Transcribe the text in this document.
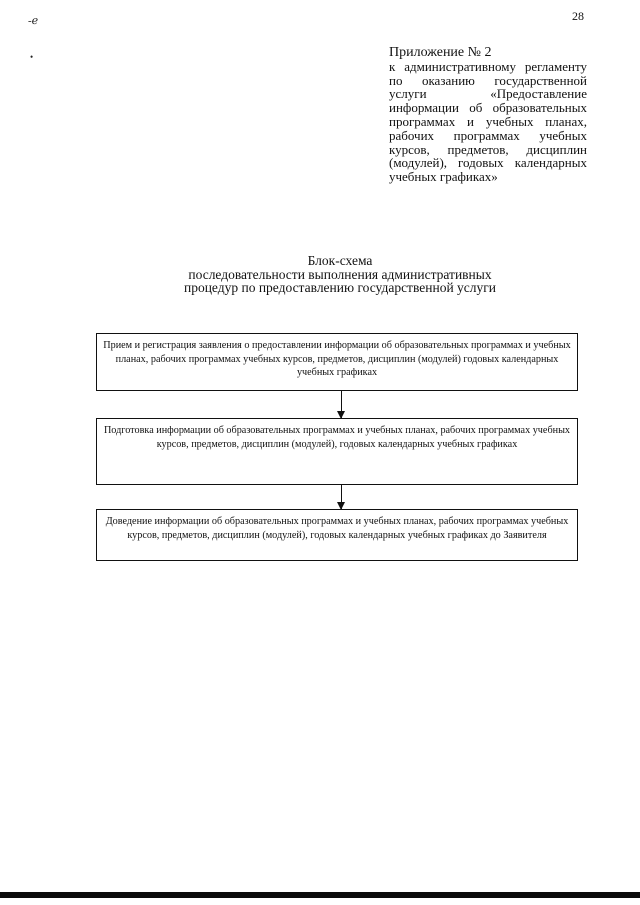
28
-ℯ
•	Приложение № 2
к административному регламенту по оказанию государственной услуги «Предоставление информации об образовательных программах и учебных планах, рабочих программах учебных курсов, предметов, дисциплин (модулей), годовых календарных учебных графиках»
Блок-схема
последовательности выполнения административных
процедур по предоставлению государственной услуги
Прием и регистрация заявления о предоставлении информации об образовательных программах и учебных планах, рабочих программах учебных курсов, предметов, дисциплин (модулей) годовых календарных учебных графиках
Подготовка информации об образовательных программах и учебных планах, рабочих программах учебных курсов, предметов, дисциплин (модулей), годовых календарных учебных графиках
Доведение информации об образовательных программах и учебных планах, рабочих программах учебных курсов, предметов, дисциплин (модулей), годовых календарных учебных графиках до Заявителя
